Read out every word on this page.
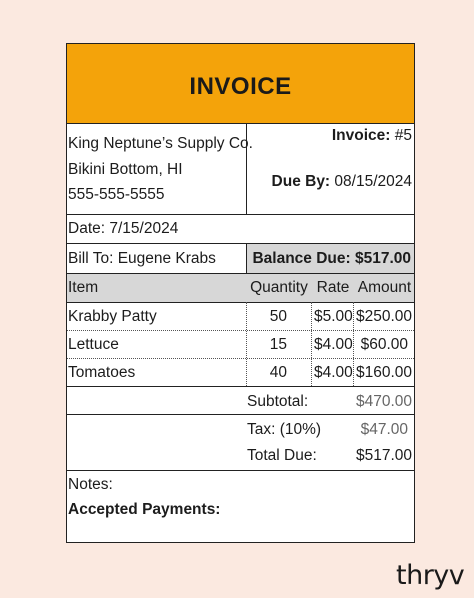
INVOICE
King Neptune’s Supply Co.
Bikini Bottom, HI
555-555-5555
Invoice: #5
Due By: 08/15/2024
Date: 7/15/2024
Bill To: Eugene Krabs Balance Due: $517.00
Item	Quantity Rate Amount
Krabby Patty	50 $5.00 $250.00
Lettuce	15 $4.00 $60.00
Tomatoes	40 $4.00 $160.00
Subtotal:	$470.00
Tax: (10%)	$47.00
Total Due:	$517.00
Notes:
Accepted Payments:
thryv
